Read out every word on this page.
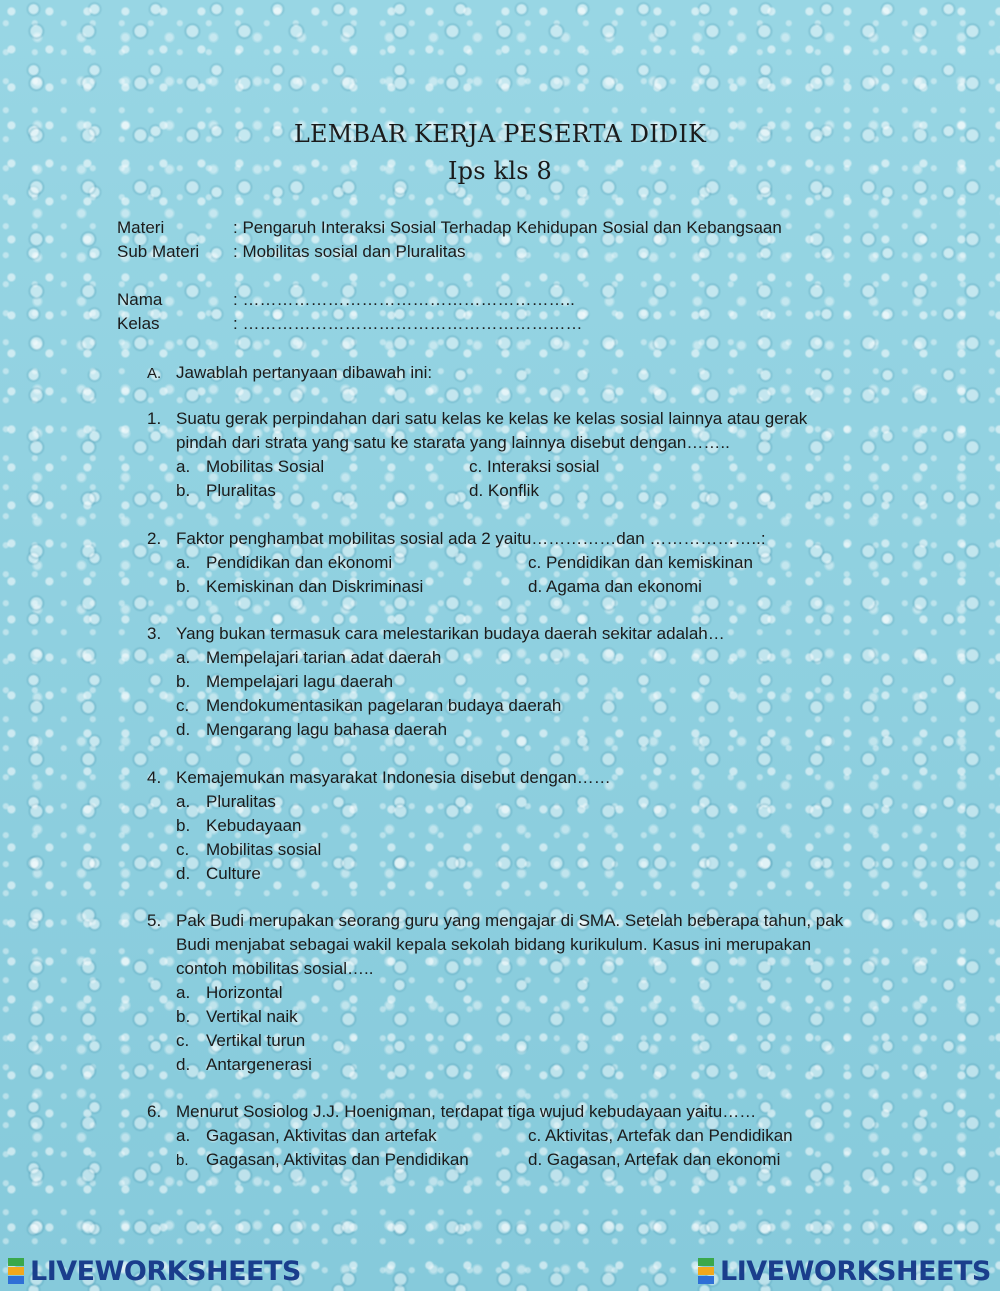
LEMBAR KERJA PESERTA DIDIK
Ips kls 8
Materi	: Pengaruh Interaksi Sosial Terhadap Kehidupan Sosial dan Kebangsaan
Sub Materi : Mobilitas sosial dan Pluralitas
Nama	: …………………………………………………..
Kelas	: ……………………………………………………
A. Jawablah pertanyaan dibawah ini:
1. Suatu gerak perpindahan dari satu kelas ke kelas ke kelas sosial lainnya atau gerak
pindah dari strata yang satu ke starata yang lainnya disebut dengan……..
a. Mobilitas Sosial	c. Interaksi sosial
b. Pluralitas	d. Konflik
2. Faktor penghambat mobilitas sosial ada 2 yaitu……………dan ………………..:
a. Pendidikan dan ekonomi	c. Pendidikan dan kemiskinan
b. Kemiskinan dan Diskriminasi	d. Agama dan ekonomi
3. Yang bukan termasuk cara melestarikan budaya daerah sekitar adalah…
a. Mempelajari tarian adat daerah
b. Mempelajari lagu daerah
c. Mendokumentasikan pagelaran budaya daerah
d. Mengarang lagu bahasa daerah
4. Kemajemukan masyarakat Indonesia disebut dengan……
a. Pluralitas
b. Kebudayaan
c. Mobilitas sosial
d. Culture
5. Pak Budi merupakan seorang guru yang mengajar di SMA. Setelah beberapa tahun, pak
Budi menjabat sebagai wakil kepala sekolah bidang kurikulum. Kasus ini merupakan
contoh mobilitas sosial…..
a. Horizontal
b. Vertikal naik
c. Vertikal turun
d. Antargenerasi
6. Menurut Sosiolog J.J. Hoenigman, terdapat tiga wujud kebudayaan yaitu……
a. Gagasan, Aktivitas dan artefak	c. Aktivitas, Artefak dan Pendidikan
b. Gagasan, Aktivitas dan Pendidikan	d. Gagasan, Artefak dan ekonomi
LIVEWORKSHEETS	LIVEWORKSHEETS
